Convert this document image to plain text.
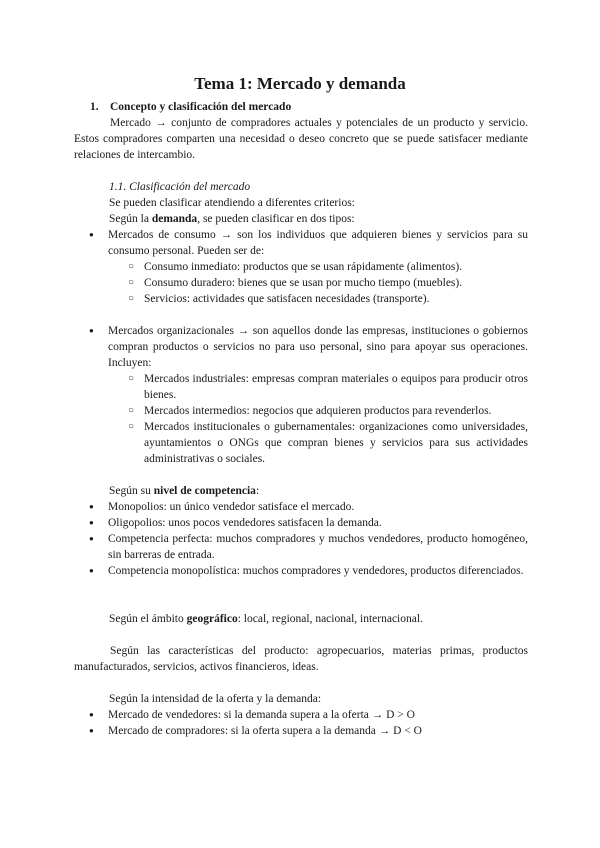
Tema 1: Mercado y demanda
1. Concepto y clasificación del mercado
Mercado → conjunto de compradores actuales y potenciales de un producto y servicio. Estos compradores comparten una necesidad o deseo concreto que se puede satisfacer mediante relaciones de intercambio.
1.1. Clasificación del mercado
Se pueden clasificar atendiendo a diferentes criterios:
Según la demanda, se pueden clasificar en dos tipos:
● Mercados de consumo → son los individuos que adquieren bienes y servicios para su consumo personal. Pueden ser de:
○ Consumo inmediato: productos que se usan rápidamente (alimentos).
○ Consumo duradero: bienes que se usan por mucho tiempo (muebles).
○ Servicios: actividades que satisfacen necesidades (transporte).
● Mercados organizacionales → son aquellos donde las empresas, instituciones o gobiernos compran productos o servicios no para uso personal, sino para apoyar sus operaciones. Incluyen:
○ Mercados industriales: empresas compran materiales o equipos para producir otros bienes.
○ Mercados intermedios: negocios que adquieren productos para revenderlos.
○ Mercados institucionales o gubernamentales: organizaciones como universidades, ayuntamientos o ONGs que compran bienes y servicios para sus actividades administrativas o sociales.
Según su nivel de competencia:
● Monopolios: un único vendedor satisface el mercado.
● Oligopolios: unos pocos vendedores satisfacen la demanda.
● Competencia perfecta: muchos compradores y muchos vendedores, producto homogéneo, sin barreras de entrada.
● Competencia monopolística: muchos compradores y vendedores, productos diferenciados.
Según el ámbito geográfico: local, regional, nacional, internacional.
Según las características del producto: agropecuarios, materias primas, productos manufacturados, servicios, activos financieros, ideas.
Según la intensidad de la oferta y la demanda:
● Mercado de vendedores: si la demanda supera a la oferta → D > O
● Mercado de compradores: si la oferta supera a la demanda → D < O
